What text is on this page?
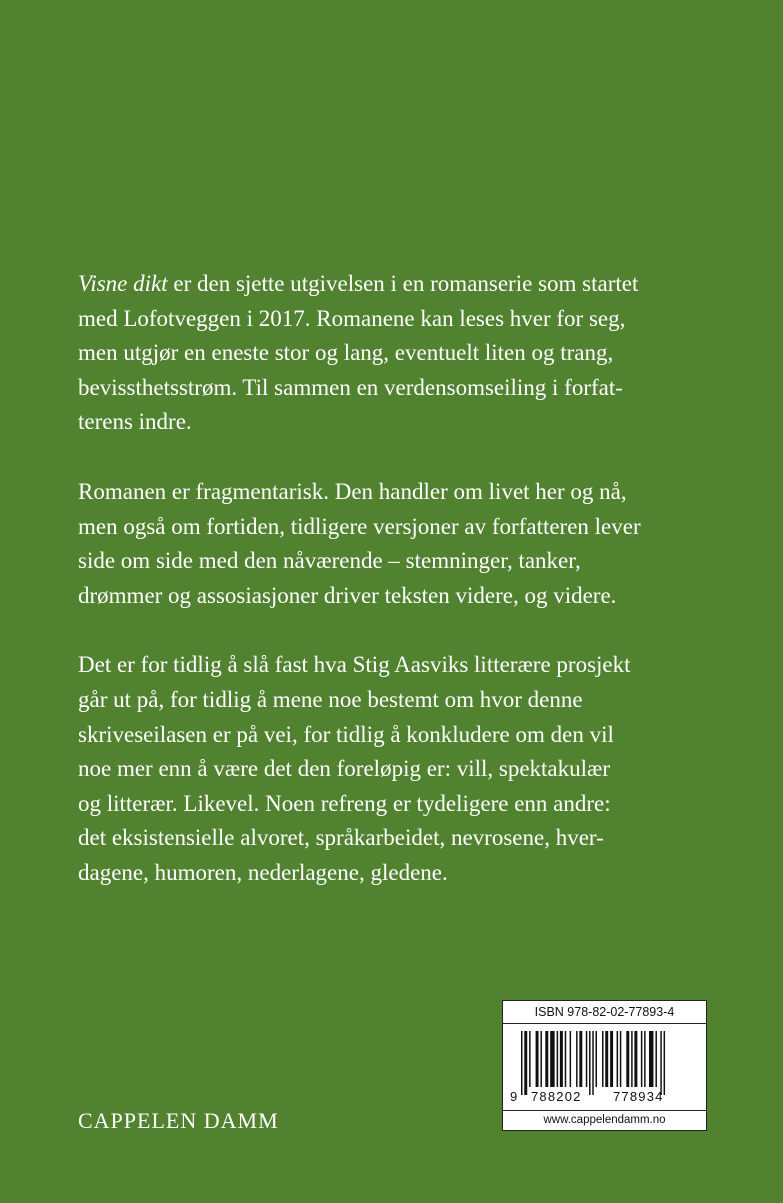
Visne dikt er den sjette utgivelsen i en romanserie som startet
med Lofotveggen i 2017. Romanene kan leses hver for seg,
men utgjør en eneste stor og lang, eventuelt liten og trang,
bevissthetsstrøm. Til sammen en verdensomseiling i forfat-
terens indre.

Romanen er fragmentarisk. Den handler om livet her og nå,
men også om fortiden, tidligere versjoner av forfatteren lever
side om side med den nåværende – stemninger, tanker,
drømmer og assosiasjoner driver teksten videre, og videre.

Det er for tidlig å slå fast hva Stig Aasviks litterære prosjekt
går ut på, for tidlig å mene noe bestemt om hvor denne
skriveseilasen er på vei, for tidlig å konkludere om den vil
noe mer enn å være det den foreløpig er: vill, spektakulær
og litterær. Likevel. Noen refreng er tydeligere enn andre:
det eksistensielle alvoret, språkarbeidet, nevrosene, hver-
dagene, humoren, nederlagene, gledene.

CAPPELEN DAMM
ISBN 978-82-02-77893-4
9 788202 778934
www.cappelendamm.no
